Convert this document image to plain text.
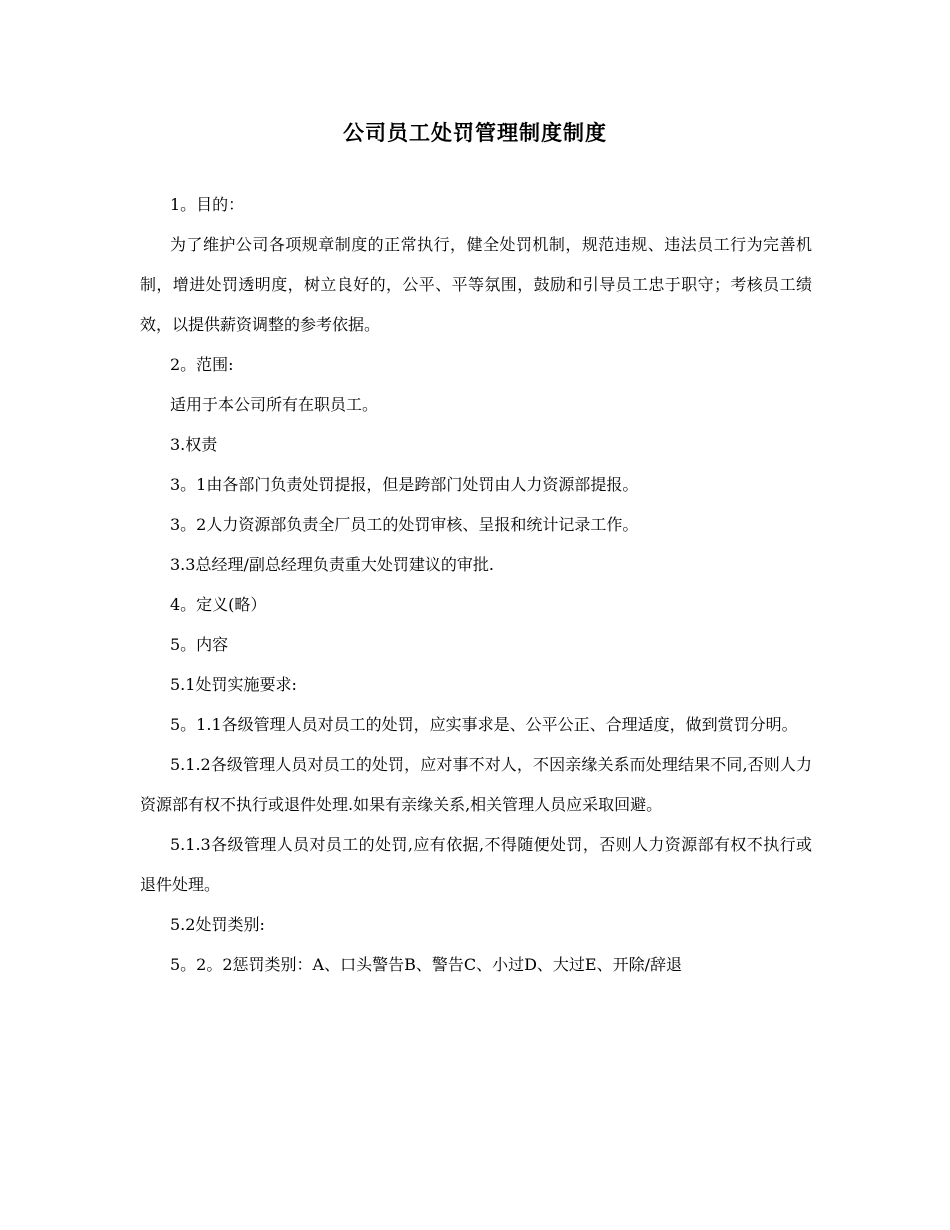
公司员工处罚管理制度制度

1。目的：

为了维护公司各项规章制度的正常执行，健全处罚机制，规范违规、违法员工行为完善机制，增进处罚透明度，树立良好的，公平、平等氛围，鼓励和引导员工忠于职守；考核员工绩效，以提供薪资调整的参考依据。

2。范围:

适用于本公司所有在职员工。

3.权责

3。1由各部门负责处罚提报，但是跨部门处罚由人力资源部提报。

3。2人力资源部负责全厂员工的处罚审核、呈报和统计记录工作。

3.3总经理/副总经理负责重大处罚建议的审批.

4。定义(略）

5。内容

5.1处罚实施要求:

5。1.1各级管理人员对员工的处罚，应实事求是、公平公正、合理适度，做到赏罚分明。

5.1.2各级管理人员对员工的处罚，应对事不对人，不因亲缘关系而处理结果不同,否则人力资源部有权不执行或退件处理.如果有亲缘关系,相关管理人员应采取回避。

5.1.3各级管理人员对员工的处罚,应有依据,不得随便处罚，否则人力资源部有权不执行或退件处理。

5.2处罚类别:

5。2。2惩罚类别：A、口头警告B、警告C、小过D、大过E、开除/辞退
